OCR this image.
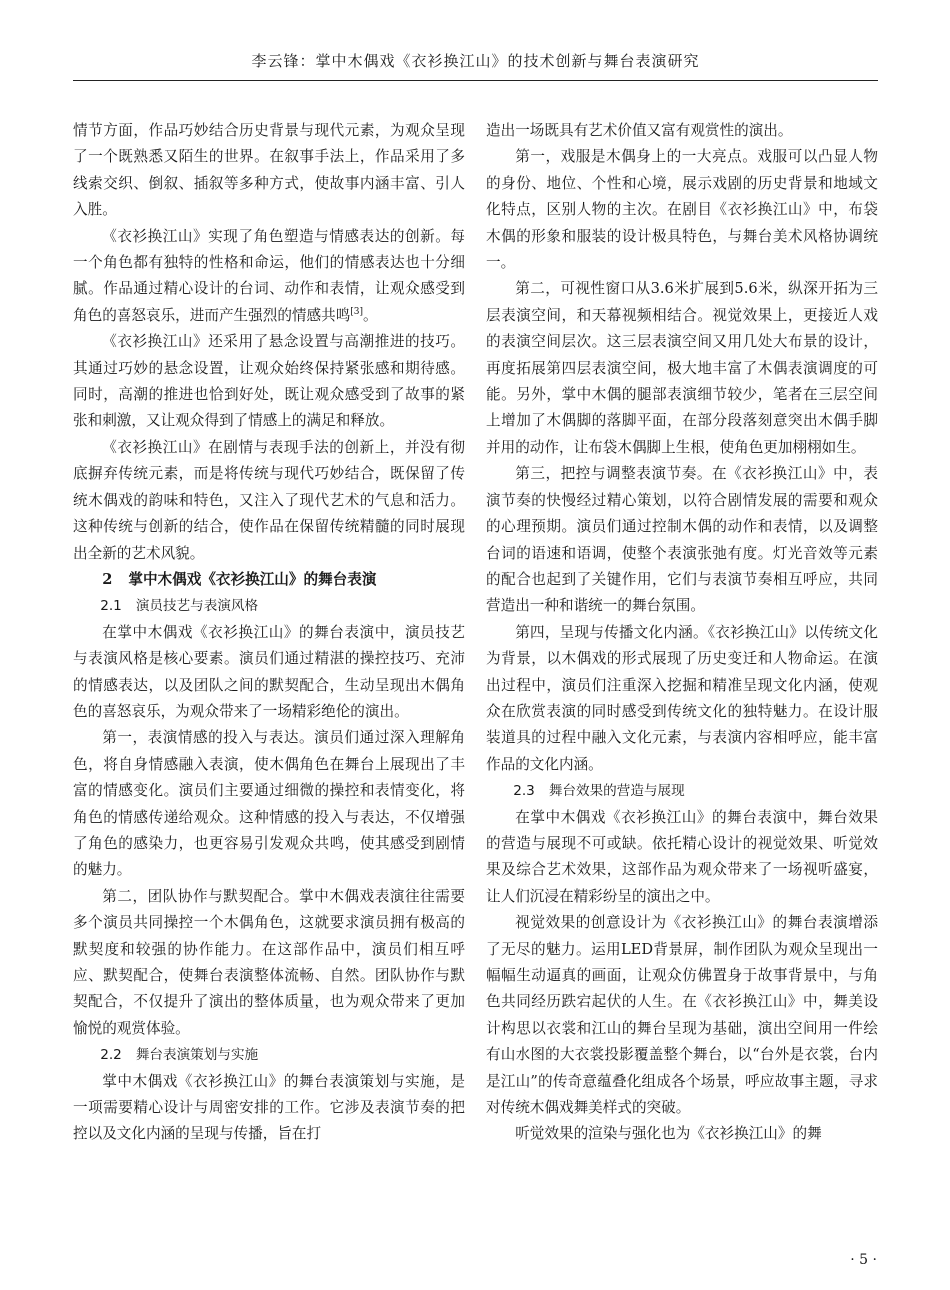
李云锋：掌中木偶戏《衣衫换江山》的技术创新与舞台表演研究

情节方面，作品巧妙结合历史背景与现代元素，为观众呈现了一个既熟悉又陌生的世界。在叙事手法上，作品采用了多线索交织、倒叙、插叙等多种方式，使故事内涵丰富、引人入胜。

《衣衫换江山》实现了角色塑造与情感表达的创新。每一个角色都有独特的性格和命运，他们的情感表达也十分细腻。作品通过精心设计的台词、动作和表情，让观众感受到角色的喜怒哀乐，进而产生强烈的情感共鸣[3]。

《衣衫换江山》还采用了悬念设置与高潮推进的技巧。其通过巧妙的悬念设置，让观众始终保持紧张感和期待感。同时，高潮的推进也恰到好处，既让观众感受到了故事的紧张和刺激，又让观众得到了情感上的满足和释放。

《衣衫换江山》在剧情与表现手法的创新上，并没有彻底摒弃传统元素，而是将传统与现代巧妙结合，既保留了传统木偶戏的韵味和特色，又注入了现代艺术的气息和活力。这种传统与创新的结合，使作品在保留传统精髓的同时展现出全新的艺术风貌。

2 掌中木偶戏《衣衫换江山》的舞台表演

2.1 演员技艺与表演风格

在掌中木偶戏《衣衫换江山》的舞台表演中，演员技艺与表演风格是核心要素。演员们通过精湛的操控技巧、充沛的情感表达，以及团队之间的默契配合，生动呈现出木偶角色的喜怒哀乐，为观众带来了一场精彩绝伦的演出。

第一，表演情感的投入与表达。演员们通过深入理解角色，将自身情感融入表演，使木偶角色在舞台上展现出了丰富的情感变化。演员们主要通过细微的操控和表情变化，将角色的情感传递给观众。这种情感的投入与表达，不仅增强了角色的感染力，也更容易引发观众共鸣，使其感受到剧情的魅力。

第二，团队协作与默契配合。掌中木偶戏表演往往需要多个演员共同操控一个木偶角色，这就要求演员拥有极高的默契度和较强的协作能力。在这部作品中，演员们相互呼应、默契配合，使舞台表演整体流畅、自然。团队协作与默契配合，不仅提升了演出的整体质量，也为观众带来了更加愉悦的观赏体验。

2.2 舞台表演策划与实施

掌中木偶戏《衣衫换江山》的舞台表演策划与实施，是一项需要精心设计与周密安排的工作。它涉及表演节奏的把控以及文化内涵的呈现与传播，旨在打

造出一场既具有艺术价值又富有观赏性的演出。

第一，戏服是木偶身上的一大亮点。戏服可以凸显人物的身份、地位、个性和心境，展示戏剧的历史背景和地域文化特点，区别人物的主次。在剧目《衣衫换江山》中，布袋木偶的形象和服装的设计极具特色，与舞台美术风格协调统一。

第二，可视性窗口从3.6米扩展到5.6米，纵深开拓为三层表演空间，和天幕视频相结合。视觉效果上，更接近人戏的表演空间层次。这三层表演空间又用几处大布景的设计，再度拓展第四层表演空间，极大地丰富了木偶表演调度的可能。另外，掌中木偶的腿部表演细节较少，笔者在三层空间上增加了木偶脚的落脚平面，在部分段落刻意突出木偶手脚并用的动作，让布袋木偶脚上生根，使角色更加栩栩如生。

第三，把控与调整表演节奏。在《衣衫换江山》中，表演节奏的快慢经过精心策划，以符合剧情发展的需要和观众的心理预期。演员们通过控制木偶的动作和表情，以及调整台词的语速和语调，使整个表演张弛有度。灯光音效等元素的配合也起到了关键作用，它们与表演节奏相互呼应，共同营造出一种和谐统一的舞台氛围。

第四，呈现与传播文化内涵。《衣衫换江山》以传统文化为背景，以木偶戏的形式展现了历史变迁和人物命运。在演出过程中，演员们注重深入挖掘和精准呈现文化内涵，使观众在欣赏表演的同时感受到传统文化的独特魅力。在设计服装道具的过程中融入文化元素，与表演内容相呼应，能丰富作品的文化内涵。

2.3 舞台效果的营造与展现

在掌中木偶戏《衣衫换江山》的舞台表演中，舞台效果的营造与展现不可或缺。依托精心设计的视觉效果、听觉效果及综合艺术效果，这部作品为观众带来了一场视听盛宴，让人们沉浸在精彩纷呈的演出之中。

视觉效果的创意设计为《衣衫换江山》的舞台表演增添了无尽的魅力。运用LED背景屏，制作团队为观众呈现出一幅幅生动逼真的画面，让观众仿佛置身于故事背景中，与角色共同经历跌宕起伏的人生。在《衣衫换江山》中，舞美设计构思以衣裳和江山的舞台呈现为基础，演出空间用一件绘有山水图的大衣裳投影覆盖整个舞台，以“台外是衣裳，台内是江山”的传奇意蕴叠化组成各个场景，呼应故事主题，寻求对传统木偶戏舞美样式的突破。

听觉效果的渲染与强化也为《衣衫换江山》的舞

· 5 ·
